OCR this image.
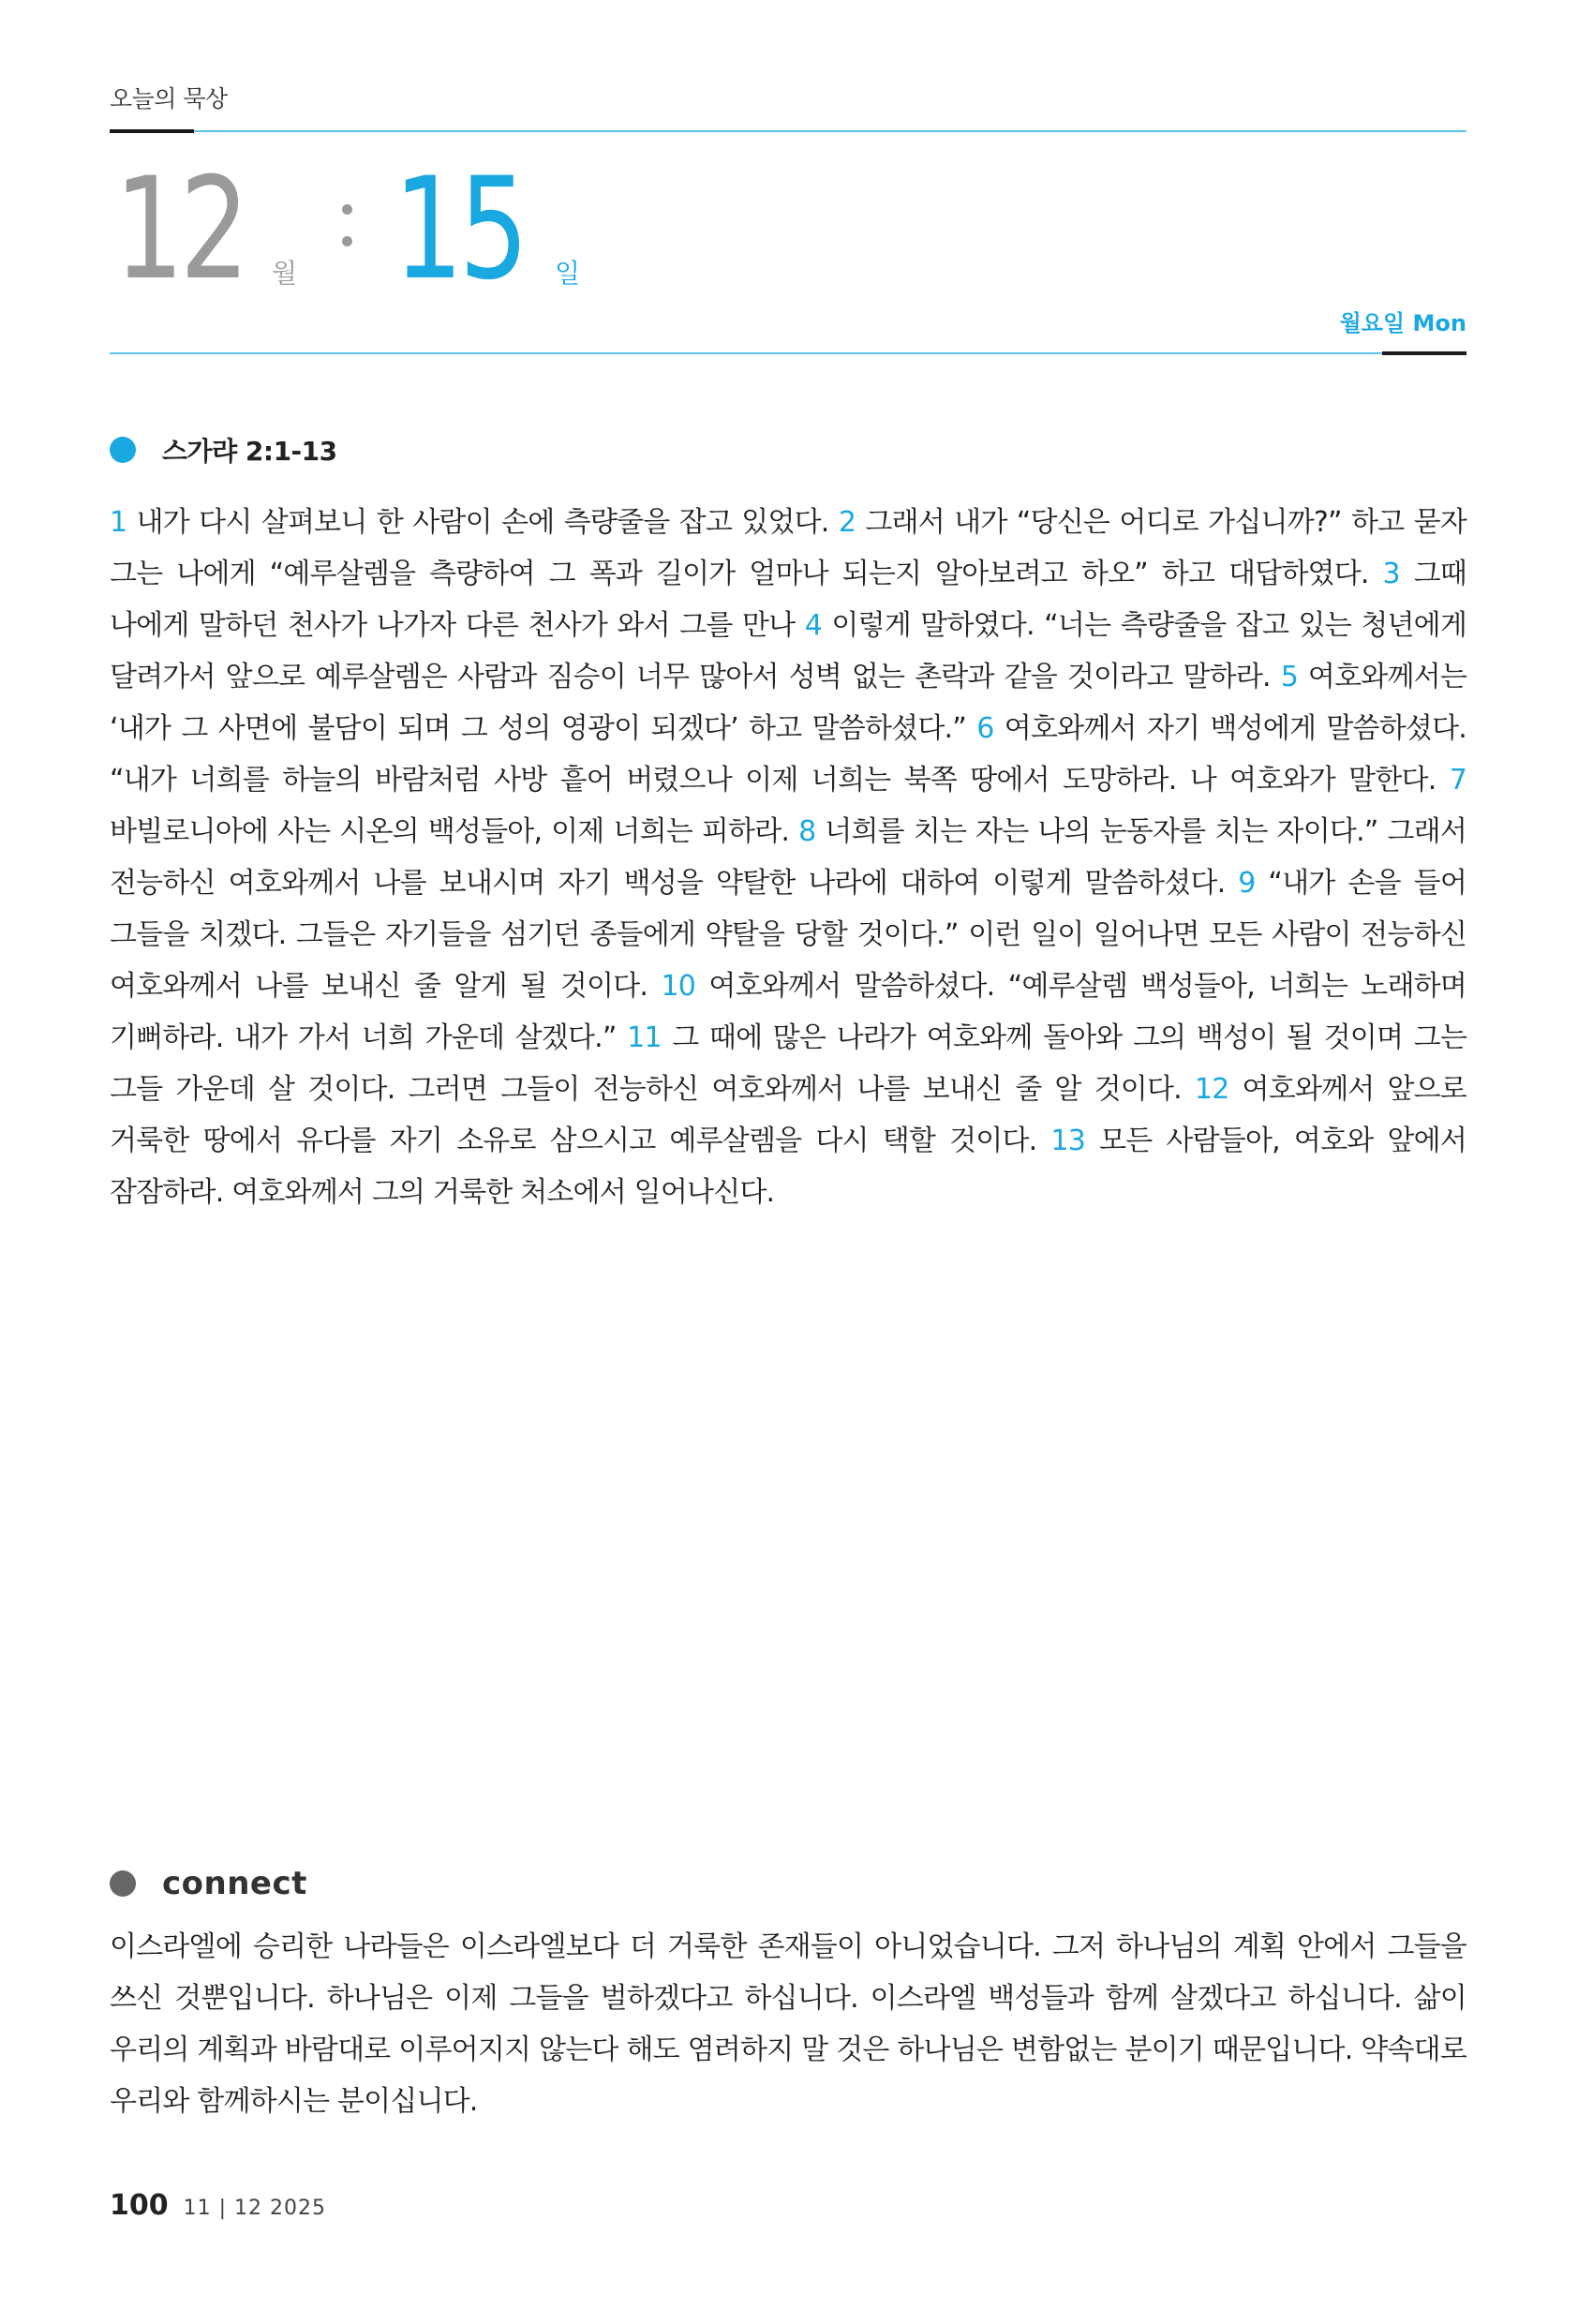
오늘의 묵상
12 월 15 일
월요일 Mon
스가랴 2:1-13
1 내가 다시 살펴보니 한 사람이 손에 측량줄을 잡고 있었다. 2 그래서 내가 “당신은 어디로 가십니까?” 하고 묻자 그는 나에게 “예루살렘을 측량하여 그 폭과 길이가 얼마나 되는지 알아보려고 하오” 하고 대답하였다. 3 그때 나에게 말하던 천사가 나가자 다른 천사가 와서 그를 만나 4 이렇게 말하였다. “너는 측량줄을 잡고 있는 청년에게 달려가서 앞으로 예루살렘은 사람과 짐승이 너무 많아서 성벽 없는 촌락과 같을 것이라고 말하라. 5 여호와께서는 ‘내가 그 사면에 불담이 되며 그 성의 영광이 되겠다’ 하고 말씀하셨다.” 6 여호와께서 자기 백성에게 말씀하셨다. “내가 너희를 하늘의 바람처럼 사방 흩어 버렸으나 이제 너희는 북쪽 땅에서 도망하라. 나 여호와가 말한다. 7 바빌로니아에 사는 시온의 백성들아, 이제 너희는 피하라. 8 너희를 치는 자는 나의 눈동자를 치는 자이다.” 그래서 전능하신 여호와께서 나를 보내시며 자기 백성을 약탈한 나라에 대하여 이렇게 말씀하셨다. 9 “내가 손을 들어 그들을 치겠다. 그들은 자기들을 섬기던 종들에게 약탈을 당할 것이다.” 이런 일이 일어나면 모든 사람이 전능하신 여호와께서 나를 보내신 줄 알게 될 것이다. 10 여호와께서 말씀하셨다. “예루살렘 백성들아, 너희는 노래하며 기뻐하라. 내가 가서 너희 가운데 살겠다.” 11 그 때에 많은 나라가 여호와께 돌아와 그의 백성이 될 것이며 그는 그들 가운데 살 것이다. 그러면 그들이 전능하신 여호와께서 나를 보내신 줄 알 것이다. 12 여호와께서 앞으로 거룩한 땅에서 유다를 자기 소유로 삼으시고 예루살렘을 다시 택할 것이다. 13 모든 사람들아, 여호와 앞에서 잠잠하라. 여호와께서 그의 거룩한 처소에서 일어나신다.
connect
이스라엘에 승리한 나라들은 이스라엘보다 더 거룩한 존재들이 아니었습니다. 그저 하나님의 계획 안에서 그들을 쓰신 것뿐입니다. 하나님은 이제 그들을 벌하겠다고 하십니다. 이스라엘 백성들과 함께 살겠다고 하십니다. 삶이 우리의 계획과 바람대로 이루어지지 않는다 해도 염려하지 말 것은 하나님은 변함없는 분이기 때문입니다. 약속대로 우리와 함께하시는 분이십니다.
100 11 | 12 2025
